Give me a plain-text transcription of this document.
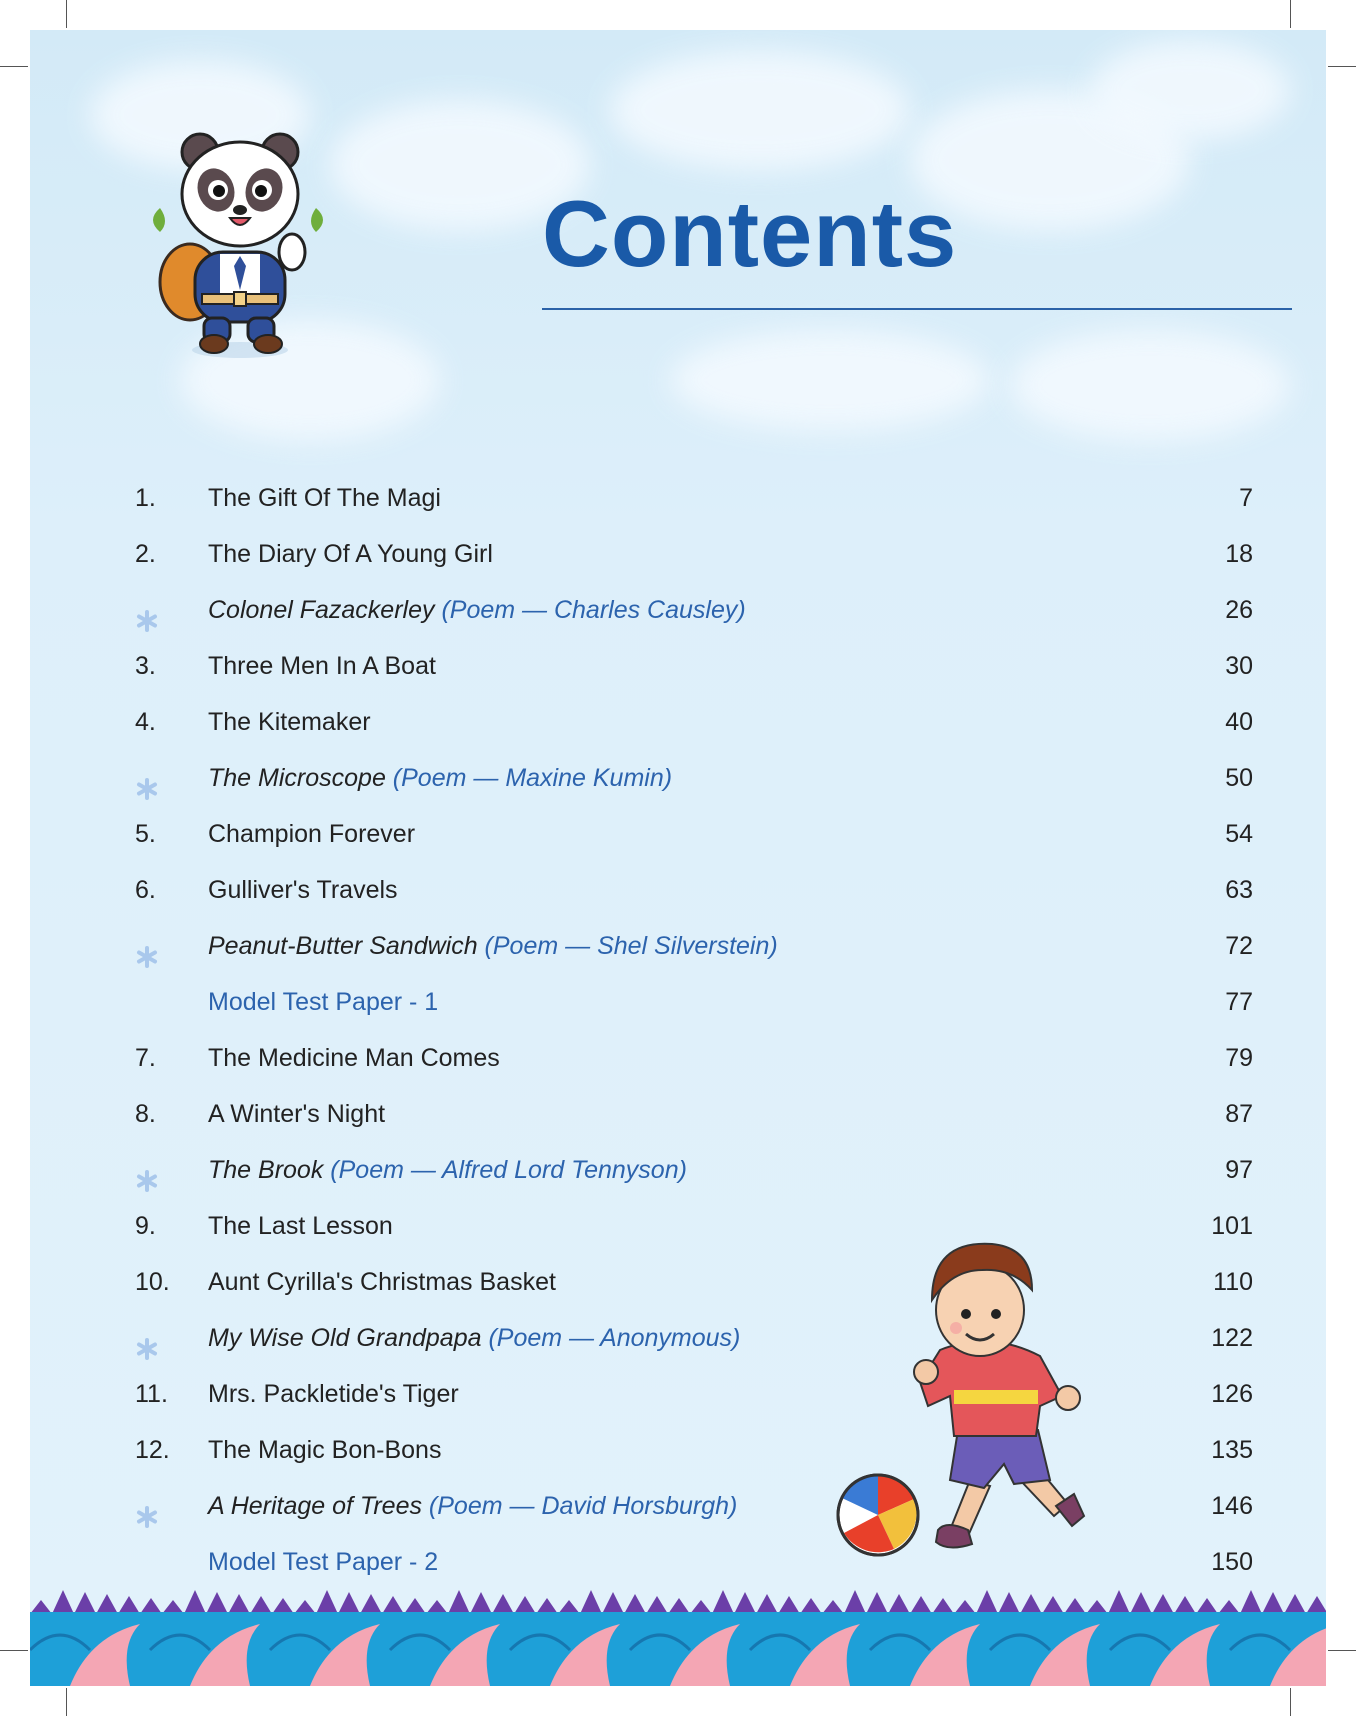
Contents
1.	The Gift Of The Magi	7
2.	The Diary Of A Young Girl	18
Colonel Fazackerley (Poem — Charles Causley)	26
3.	Three Men In A Boat	30
4.	The Kitemaker	40
The Microscope (Poem — Maxine Kumin)	50
5.	Champion Forever	54
6.	Gulliver's Travels	63
Peanut-Butter Sandwich (Poem — Shel Silverstein)	72
Model Test Paper - 1	77
7.	The Medicine Man Comes	79
8.	A Winter's Night	87
The Brook (Poem — Alfred Lord Tennyson)	97
9.	The Last Lesson	101
10.	Aunt Cyrilla's Christmas Basket	110
My Wise Old Grandpapa (Poem — Anonymous)	122
11.	Mrs. Packletide's Tiger	126
12.	The Magic Bon-Bons	135
A Heritage of Trees (Poem — David Horsburgh)	146
Model Test Paper - 2	150
